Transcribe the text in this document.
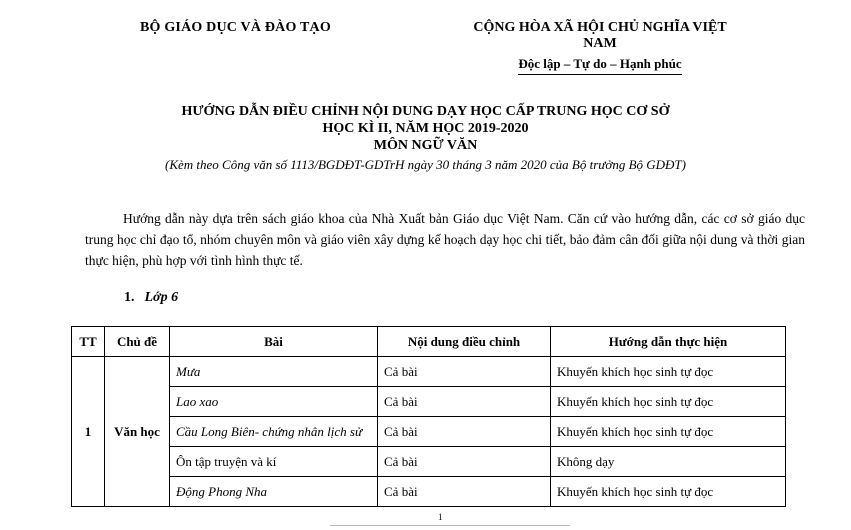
BỘ GIÁO DỤC VÀ ĐÀO TẠO	CỘNG HÒA XÃ HỘI CHỦ NGHĨA VIỆT NAM
Độc lập – Tự do – Hạnh phúc
HƯỚNG DẪN ĐIỀU CHỈNH NỘI DUNG DẠY HỌC CẤP TRUNG HỌC CƠ SỞ
HỌC KÌ II, NĂM HỌC 2019-2020
MÔN NGỮ VĂN
(Kèm theo Công văn số 1113/BGDĐT-GDTrH ngày 30 tháng 3 năm 2020 của Bộ trưởng Bộ GDĐT)
Hướng dẫn này dựa trên sách giáo khoa của Nhà Xuất bản Giáo dục Việt Nam. Căn cứ vào hướng dẫn, các cơ sở giáo dục trung học chỉ đạo tổ, nhóm chuyên môn và giáo viên xây dựng kế hoạch dạy học chi tiết, bảo đảm cân đối giữa nội dung và thời gian thực hiện, phù hợp với tình hình thực tế.
1. Lớp 6
TT	Chủ đề	Bài	Nội dung điều chỉnh	Hướng dẫn thực hiện
1	Văn học	Mưa	Cả bài	Khuyến khích học sinh tự đọc
		Lao xao	Cả bài	Khuyến khích học sinh tự đọc
		Cầu Long Biên- chứng nhân lịch sử	Cả bài	Khuyến khích học sinh tự đọc
		Ôn tập truyện và kí	Cả bài	Không dạy
		Động Phong Nha	Cả bài	Khuyến khích học sinh tự đọc
1
